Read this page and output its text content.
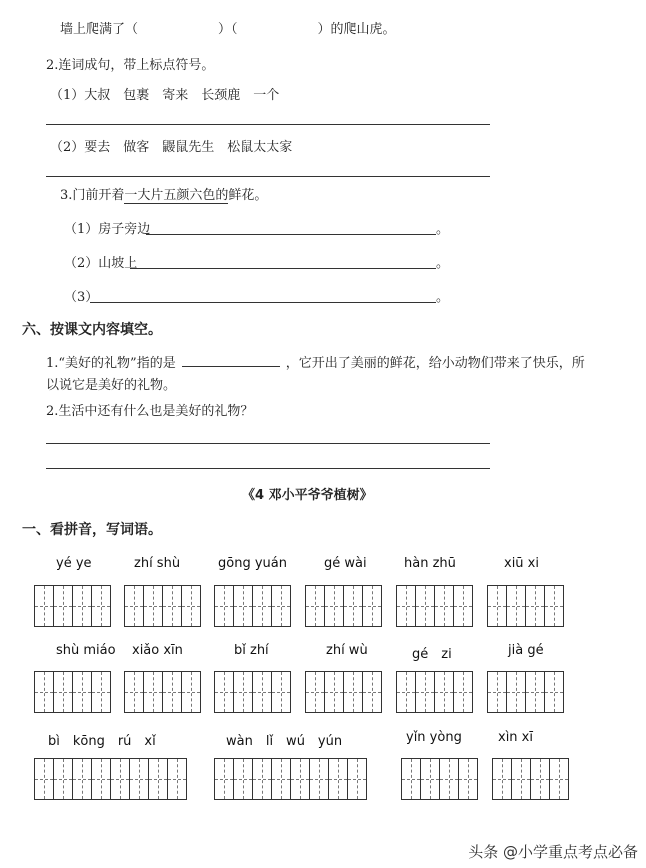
墙上爬满了（	）（	）的爬山虎。
2.连词成句，带上标点符号。
（1）大叔　包裹　寄来　长颈鹿　一个
（2）要去　做客　鼹鼠先生　松鼠太太家
3.门前开着一大片五颜六色的鲜花。
（1）房子旁边	。
（2）山坡上	。
（3）	。
六、按课文内容填空。
1.“美好的礼物”指的是	，它开出了美丽的鲜花，给小动物们带来了快乐，所
以说它是美好的礼物。
2.生活中还有什么也是美好的礼物？
《4 邓小平爷爷植树》
一、看拼音，写词语。
yé ye	zhí shù	gōng yuán	gé wài	hàn zhū	xiū xi
shù miáo xiǎo xīn	bǐ zhí	zhí wù	gé　zi	jià gé
bì　kōng　rú　xǐ	wàn　lǐ　wú　yún	yǐn yòng	xìn xī
头条 @小学重点考点必备
